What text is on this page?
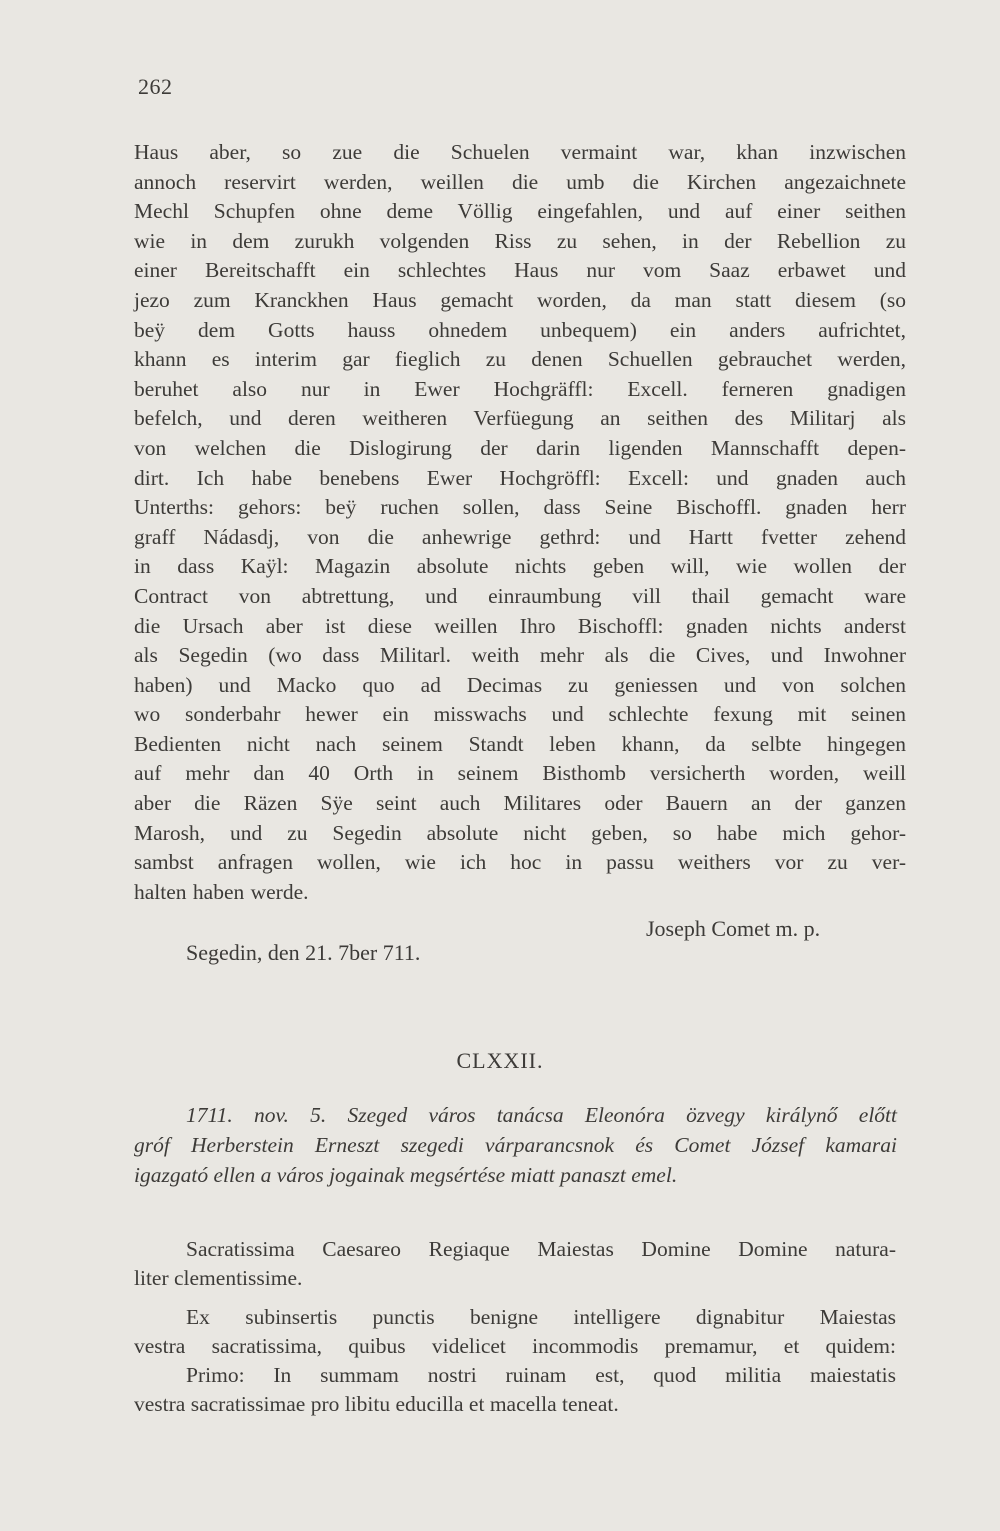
262
Haus aber, so zue die Schuelen vermaint war, khan inzwischen
annoch reservirt werden, weillen die umb die Kirchen angezaichnete
Mechl Schupfen ohne deme Völlig eingefahlen, und auf einer seithen
wie in dem zurukh volgenden Riss zu sehen, in der Rebellion zu
einer Bereitschafft ein schlechtes Haus nur vom Saaz erbawet und
jezo zum Kranckhen Haus gemacht worden, da man statt diesem (so
beÿ dem Gotts hauss ohnedem unbequem) ein anders aufrichtet,
khann es interim gar fieglich zu denen Schuellen gebrauchet werden,
beruhet also nur in Ewer Hochgräffl: Excell. ferneren gnadigen
befelch, und deren weitheren Verfüegung an seithen des Militarj als
von welchen die Dislogirung der darin ligenden Mannschafft depen-
dirt. Ich habe benebens Ewer Hochgröffl: Excell: und gnaden auch
Unterths: gehors: beÿ ruchen sollen, dass Seine Bischoffl. gnaden herr
graff Nádasdj, von die anhewrige gethrd: und Hartt fvetter zehend
in dass Kaÿl: Magazin absolute nichts geben will, wie wollen der
Contract von abtrettung, und einraumbung vill thail gemacht ware
die Ursach aber ist diese weillen Ihro Bischoffl: gnaden nichts anderst
als Segedin (wo dass Militarl. weith mehr als die Cives, und Inwohner
haben) und Macko quo ad Decimas zu geniessen und von solchen
wo sonderbahr hewer ein misswachs und schlechte fexung mit seinen
Bedienten nicht nach seinem Standt leben khann, da selbte hingegen
auf mehr dan 40 Orth in seinem Bisthomb versicherth worden, weill
aber die Räzen Sÿe seint auch Militares oder Bauern an der ganzen
Marosh, und zu Segedin absolute nicht geben, so habe mich gehor-
sambst anfragen wollen, wie ich hoc in passu weithers vor zu ver-
halten haben werde.
Joseph Comet m. p.
Segedin, den 21. 7ber 711.
CLXXII.
1711. nov. 5. Szeged város tanácsa Eleonóra özvegy királynő előtt
gróf Herberstein Erneszt szegedi várparancsnok és Comet József kamarai
igazgató ellen a város jogainak megsértése miatt panaszt emel.
Sacratissima Caesareo Regiaque Maiestas Domine Domine natura-
liter clementissime.
Ex subinsertis punctis benigne intelligere dignabitur Maiestas
vestra sacratissima, quibus videlicet incommodis premamur, et quidem:
Primo: In summam nostri ruinam est, quod militia maiestatis
vestra sacratissimae pro libitu educilla et macella teneat.
